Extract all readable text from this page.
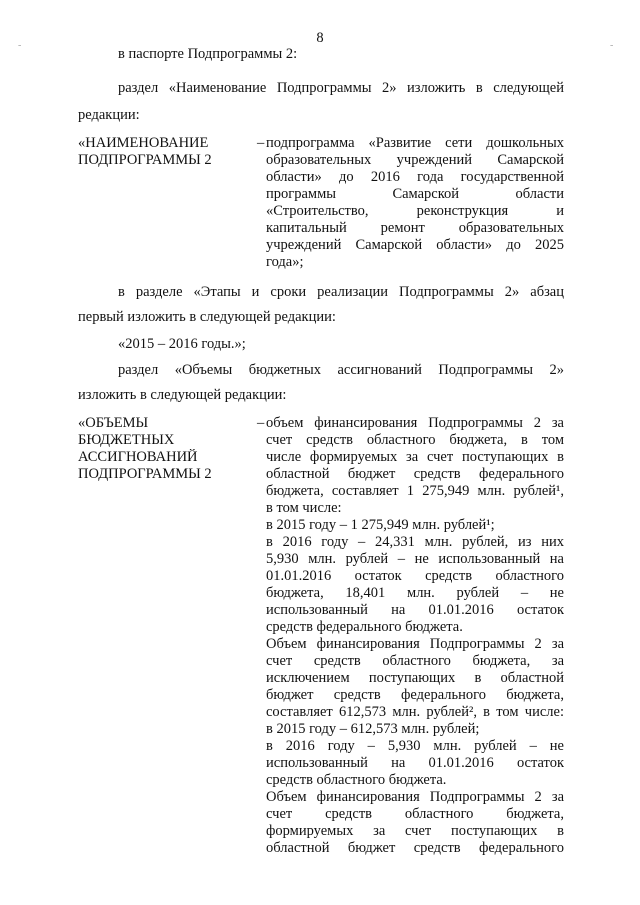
8
в паспорте Подпрограммы 2:
раздел «Наименование Подпрограммы 2» изложить в следующей
редакции:
«НАИМЕНОВАНИЕ
ПОДПРОГРАММЫ 2
– подпрограмма «Развитие сети дошкольных
образовательных учреждений Самарской
области» до 2016 года государственной
программы Самарской области
«Строительство, реконструкция и
капитальный ремонт образовательных
учреждений Самарской области» до 2025
года»;
в разделе «Этапы и сроки реализации Подпрограммы 2» абзац
первый изложить в следующей редакции:
«2015 – 2016 годы.»;
раздел «Объемы бюджетных ассигнований Подпрограммы 2»
изложить в следующей редакции:
«ОБЪЕМЫ
БЮДЖЕТНЫХ
АССИГНОВАНИЙ
ПОДПРОГРАММЫ 2
– объем финансирования Подпрограммы 2 за
счет средств областного бюджета, в том
числе формируемых за счет поступающих в
областной бюджет средств федерального
бюджета, составляет 1 275,949 млн. рублей¹,
в том числе:
в 2015 году – 1 275,949 млн. рублей¹;
в 2016 году – 24,331 млн. рублей, из них
5,930 млн. рублей – не использованный на
01.01.2016 остаток средств областного
бюджета, 18,401 млн. рублей – не
использованный на 01.01.2016 остаток
средств федерального бюджета.
Объем финансирования Подпрограммы 2 за
счет средств областного бюджета, за
исключением поступающих в областной
бюджет средств федерального бюджета,
составляет 612,573 млн. рублей², в том числе:
в 2015 году – 612,573 млн. рублей;
в 2016 году – 5,930 млн. рублей – не
использованный на 01.01.2016 остаток
средств областного бюджета.
Объем финансирования Подпрограммы 2 за
счет средств областного бюджета,
формируемых за счет поступающих в
областной бюджет средств федерального
-	-
